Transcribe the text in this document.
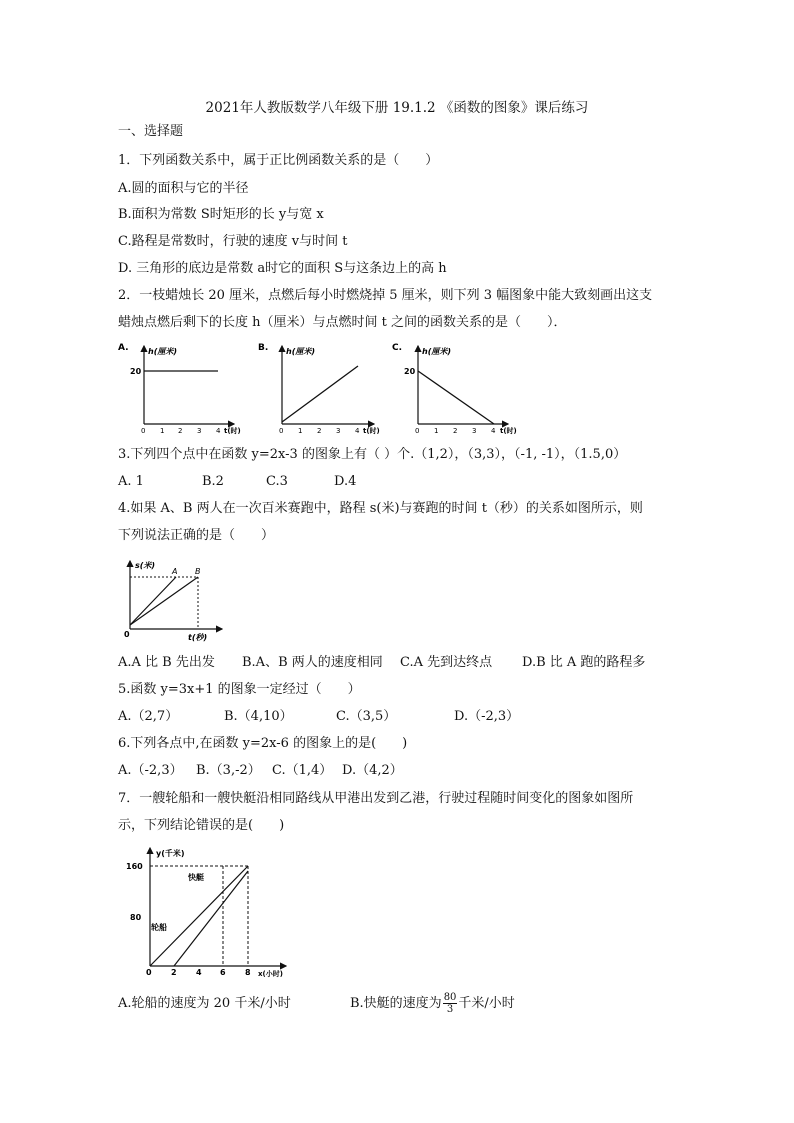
2021年人教版数学八年级下册 19.1.2 《函数的图象》课后练习
一、选择题
1．下列函数关系中，属于正比例函数关系的是（　　）
A.圆的面积与它的半径
B.面积为常数 S时矩形的长 y与宽 x
C.路程是常数时，行驶的速度 v与时间 t
D. 三角形的底边是常数 a时它的面积 S与这条边上的高 h
2．一枝蜡烛长 20 厘米，点燃后每小时燃烧掉 5 厘米，则下列 3 幅图象中能大致刻画出这支
蜡烛点燃后剩下的长度 h（厘米）与点燃时间 t 之间的函数关系的是（　　）．
A. h(厘米)
20
0 1 2 3 4 t(时)
B. h(厘米)
0 1 2 3 4 t(时)
C. h(厘米)
20
0 1 2 3 4 t(时)
3.下列四个点中在函数 y=2x-3 的图象上有（ ）个.（1,2），（3,3），（-1, -1），（1.5,0）
A. 1	B.2	C.3	D.4
4.如果 A、B 两人在一次百米赛跑中，路程 s(米)与赛跑的时间 t（秒）的关系如图所示，则
下列说法正确的是（　　）
s(米)
A B
0	t(秒)
A.A 比 B 先出发 B.A、B 两人的速度相同 C.A 先到达终点 D.B 比 A 跑的路程多
5.函数 y=3x+1 的图象一定经过（　　）
A.（2,7）	B.（4,10）	C.（3,5）	D.（-2,3）
6.下列各点中,在函数 y=2x-6 的图象上的是(　　)
A.（-2,3） B.（3,-2） C.（1,4） D.（4,2）
7．一艘轮船和一艘快艇沿相同路线从甲港出发到乙港，行驶过程随时间变化的图象如图所
示，下列结论错误的是(　　)
y(千米)
160
80
快艇
轮船
0 2 4 6 8 x(小时)
A.轮船的速度为 20 千米/小时	B.快艇的速度为 $\frac{80}{3}$ 千米/小时
